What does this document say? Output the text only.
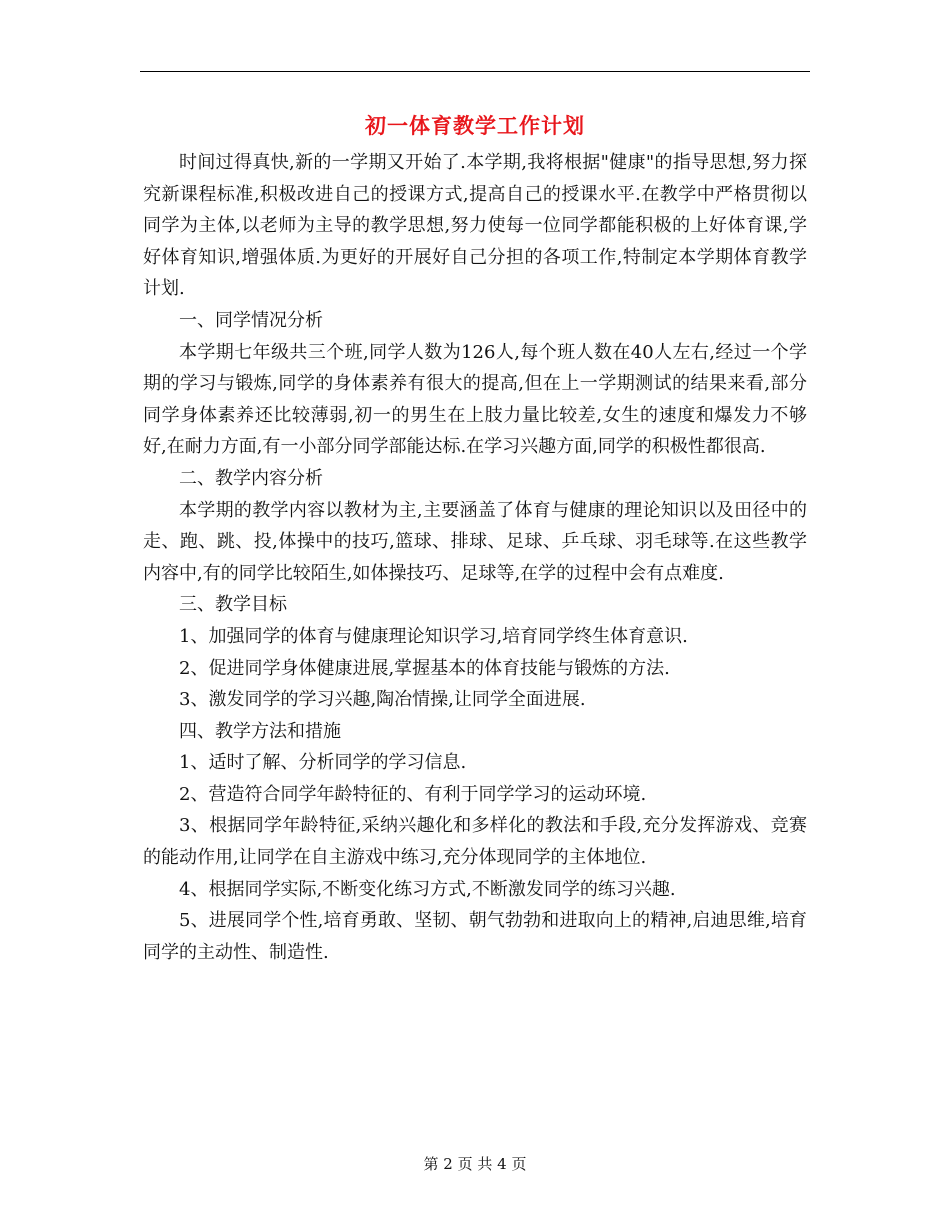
初一体育教学工作计划

时间过得真快,新的一学期又开始了.本学期,我将根据"健康"的指导思想,努力探究新课程标准,积极改进自己的授课方式,提高自己的授课水平.在教学中严格贯彻以同学为主体,以老师为主导的教学思想,努力使每一位同学都能积极的上好体育课,学好体育知识,增强体质.为更好的开展好自己分担的各项工作,特制定本学期体育教学计划.

一、同学情况分析

本学期七年级共三个班,同学人数为126人,每个班人数在40人左右,经过一个学期的学习与锻炼,同学的身体素养有很大的提高,但在上一学期测试的结果来看,部分同学身体素养还比较薄弱,初一的男生在上肢力量比较差,女生的速度和爆发力不够好,在耐力方面,有一小部分同学部能达标.在学习兴趣方面,同学的积极性都很高.

二、教学内容分析

本学期的教学内容以教材为主,主要涵盖了体育与健康的理论知识以及田径中的走、跑、跳、投,体操中的技巧,篮球、排球、足球、乒乓球、羽毛球等.在这些教学内容中,有的同学比较陌生,如体操技巧、足球等,在学的过程中会有点难度.

三、教学目标

1、加强同学的体育与健康理论知识学习,培育同学终生体育意识.

2、促进同学身体健康进展,掌握基本的体育技能与锻炼的方法.

3、激发同学的学习兴趣,陶冶情操,让同学全面进展.

四、教学方法和措施

1、适时了解、分析同学的学习信息.

2、营造符合同学年龄特征的、有利于同学学习的运动环境.

3、根据同学年龄特征,采纳兴趣化和多样化的教法和手段,充分发挥游戏、竞赛的能动作用,让同学在自主游戏中练习,充分体现同学的主体地位.

4、根据同学实际,不断变化练习方式,不断激发同学的练习兴趣.

5、进展同学个性,培育勇敢、坚韧、朝气勃勃和进取向上的精神,启迪思维,培育同学的主动性、制造性.

第 2 页 共 4 页
